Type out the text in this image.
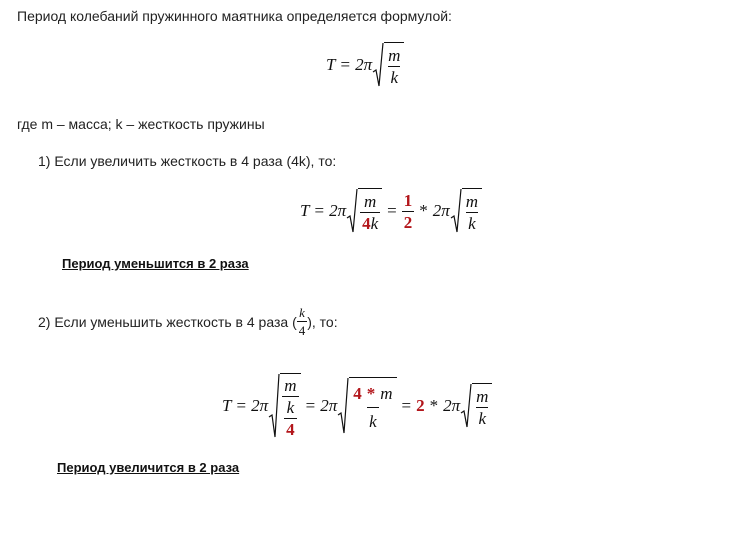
Период колебаний пружинного маятника определяется формулой:
$T = 2\pi \frac{m}{k}$
где m – масса; k – жесткость пружины
1) Если увеличить жесткость в 4 раза (4k), то:
$T = 2\pi \frac{m}{4k} = \frac{1}{2} * 2\pi \frac{m}{k}$
Период уменьшится в 2 раза
2) Если уменьшить жесткость в 4 раза ( $\frac{k}{4}$ ), то:
$T = 2\pi \frac{m}{\frac{k}{4}} = 2\pi \frac{4 * m}{k} = 2 * 2\pi \frac{m}{k}$
Период увеличится в 2 раза
